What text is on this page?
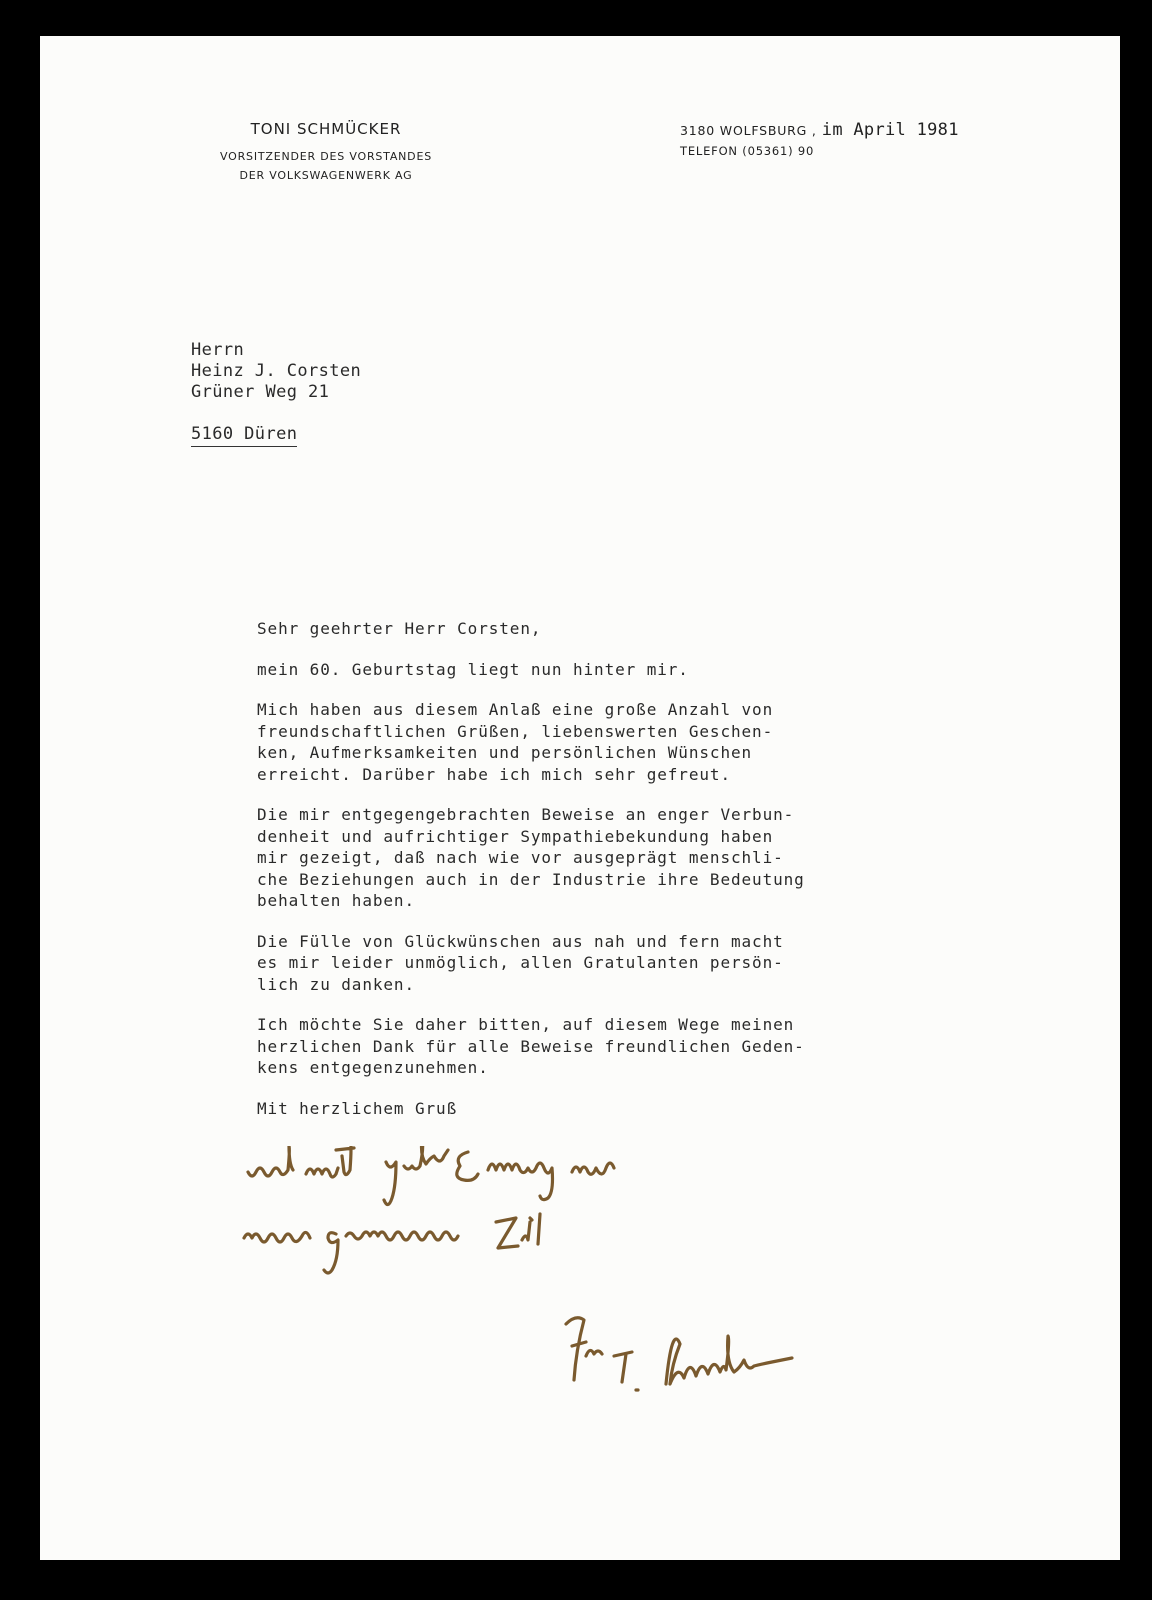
TONI SCHMÜCKER
VORSITZENDER DES VORSTANDES
DER VOLKSWAGENWERK AG
3180 WOLFSBURG , im April 1981
TELEFON (05361) 90
Herrn
Heinz J. Corsten
Grüner Weg 21
5160 Düren

Sehr geehrter Herr Corsten,

mein 60. Geburtstag liegt nun hinter mir.

Mich haben aus diesem Anlaß eine große Anzahl von
freundschaftlichen Grüßen, liebenswerten Geschen-
ken, Aufmerksamkeiten und persönlichen Wünschen
erreicht. Darüber habe ich mich sehr gefreut.

Die mir entgegengebrachten Beweise an enger Verbun-
denheit und aufrichtiger Sympathiebekundung haben
mir gezeigt, daß nach wie vor ausgeprägt menschli-
che Beziehungen auch in der Industrie ihre Bedeutung
behalten haben.

Die Fülle von Glückwünschen aus nah und fern macht
es mir leider unmöglich, allen Gratulanten persön-
lich zu danken.

Ich möchte Sie daher bitten, auf diesem Wege meinen
herzlichen Dank für alle Beweise freundlichen Geden-
kens entgegenzunehmen.

Mit herzlichem Gruß
